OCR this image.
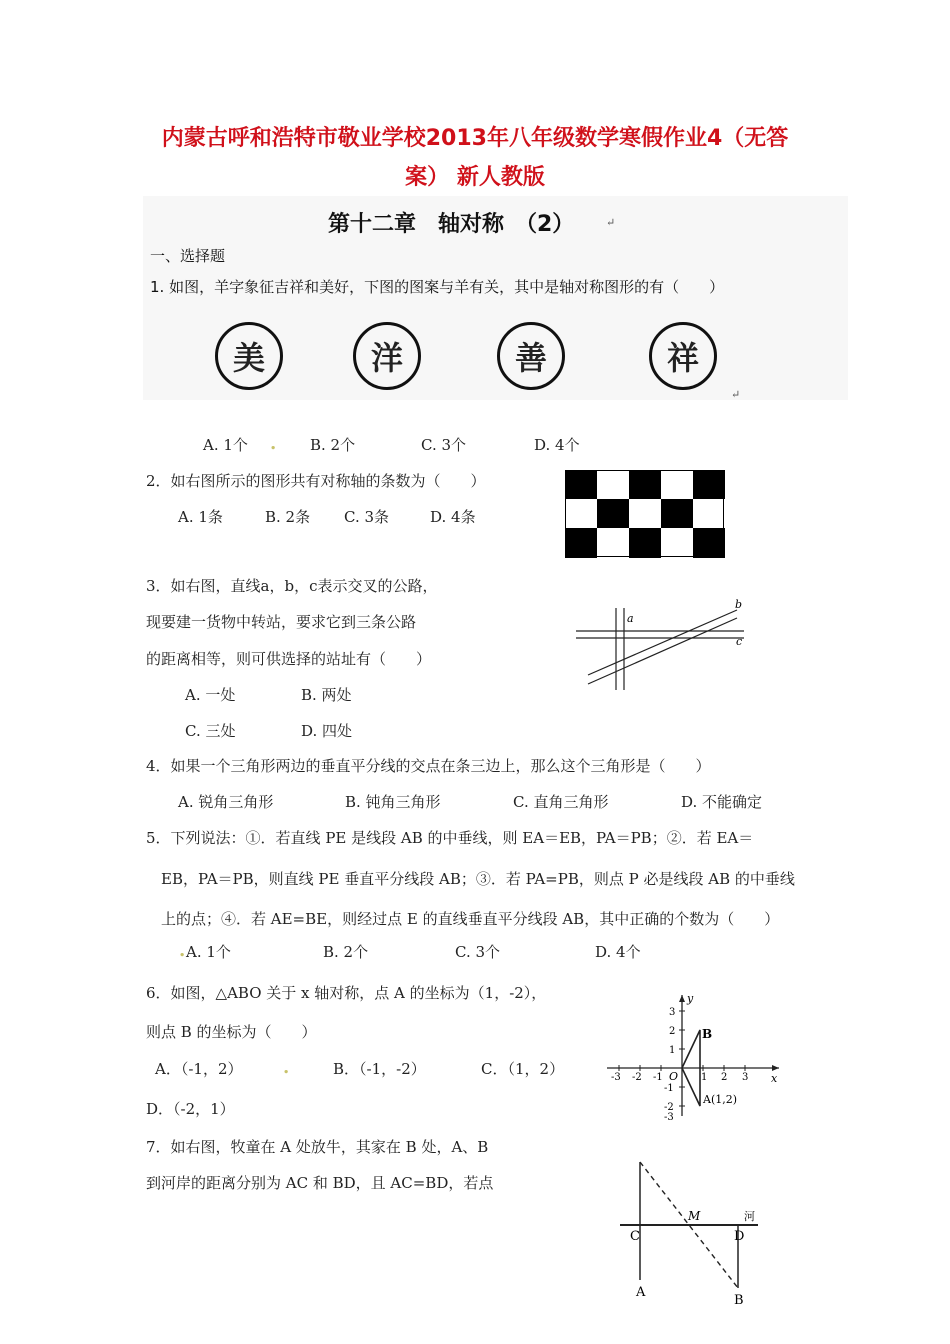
内蒙古呼和浩特市敬业学校2013年八年级数学寒假作业4（无答
案） 新人教版
第十二章　轴对称　（2）	↵
一、选择题
1. 如图，羊字象征吉祥和美好，下图的图案与羊有关，其中是轴对称图形的有（　　）
美	洋	善	祥
↵
A. 1个 . B. 2个	C. 3个	D. 4个
2．如右图所示的图形共有对称轴的条数为（　　）
A. 1条	B. 2条 C. 3条	D. 4条
3．如右图，直线a，b，c表示交叉的公路，
现要建一货物中转站，要求它到三条公路
的距离相等，则可供选择的站址有（　　）
A. 一处	B. 两处
C. 三处	D. 四处
a
b
c
4．如果一个三角形两边的垂直平分线的交点在条三边上，那么这个三角形是（　　）
A. 锐角三角形	B. 钝角三角形	C. 直角三角形	D. 不能确定
5．下列说法：①．若直线 PE 是线段 AB 的中垂线，则 EA＝EB，PA＝PB；②．若 EA＝
EB，PA＝PB，则直线 PE 垂直平分线段 AB；③．若 PA=PB，则点 P 必是线段 AB 的中垂线
上的点；④．若 AE=BE，则经过点 E 的直线垂直平分线段 AB，其中正确的个数为（　　）
. A. 1个	B. 2个	C. 3个	D. 4个
6．如图，△ABO 关于 x 轴对称，点 A 的坐标为（1，-2），
则点 B 的坐标为（　　）
A．（-1，2） .	B．（-1，-2）	C．（1，2）
D．（-2，1）
y
x
O
-3 -2 -1	1 2 3
3
2
1
-1
-2
-3
B
A(1,2)
7．如右图，牧童在 A 处放牛，其家在 B 处，A、B
到河岸的距离分别为 AC 和 BD，且 AC=BD，若点
C
M
D
A
B
河
